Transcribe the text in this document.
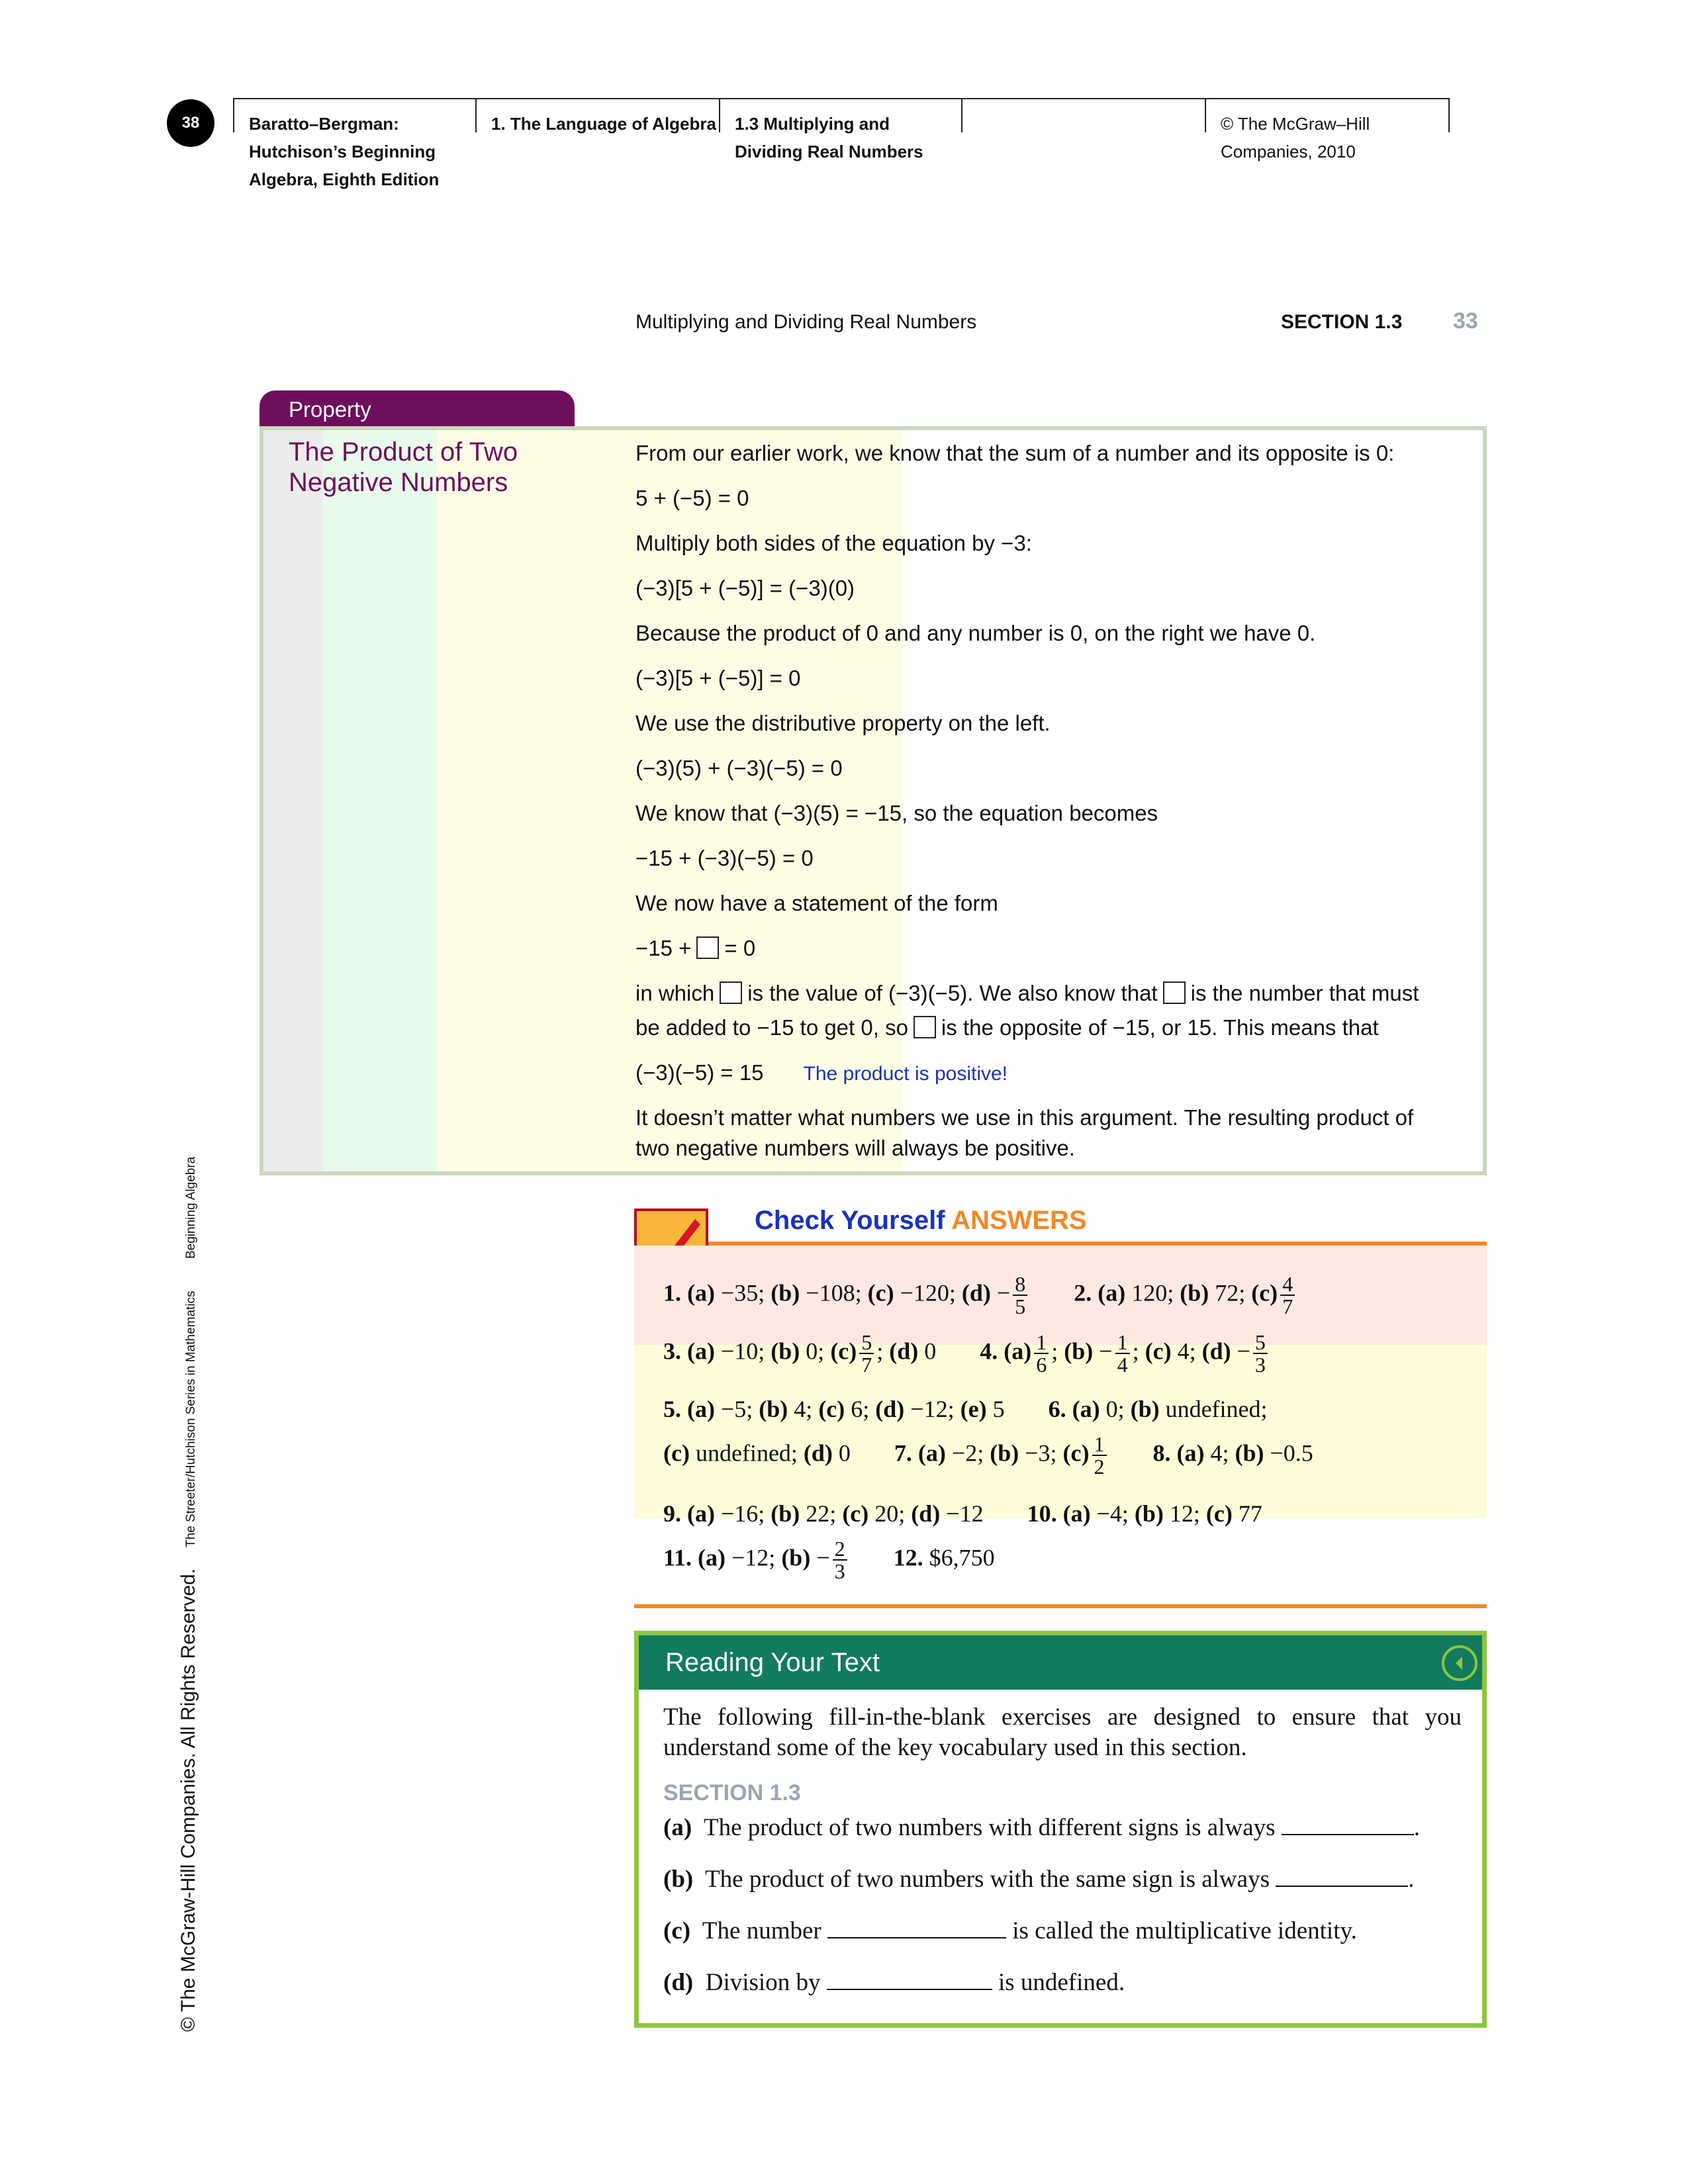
38	Baratto–Bergman:
Hutchison’s Beginning
Algebra, Eighth Edition
1. The Language of Algebra 1.3 Multiplying and
Dividing Real Numbers
© The McGraw–Hill
Companies, 2010
© The McGraw-Hill Companies. All Rights Reserved.
The Streeter/Hutchison Series in Mathematics
Beginning Algebra
Multiplying and Dividing Real Numbers	SECTION 1.3 33
Property
The Product of Two
Negative Numbers
From our earlier work, we know that the sum of a number and its opposite is 0:
5 + (−5) = 0
Multiply both sides of the equation by −3:
(−3)[5 + (−5)] = (−3)(0)
Because the product of 0 and any number is 0, on the right we have 0.
(−3)[5 + (−5)] = 0
We use the distributive property on the left.
(−3)(5) + (−3)(−5) = 0
We know that (−3)(5) = −15, so the equation becomes
−15 + (−3)(−5) = 0
We now have a statement of the form
−15 + = 0
in which is the value of (−3)(−5). We also know that is the number that must
be added to −15 to get 0, so is the opposite of −15, or 15. This means that
(−3)(−5) = 15 The product is positive!
It doesn’t matter what numbers we use in this argument. The resulting product of
two negative numbers will always be positive.
Check Yourself ANSWERS
1. (a) −35; (b) −108; (c) −120; $(d) - \frac{8}{5} 2$. (a) 120; (b) 72; $(c) \frac{4}{7}$
3. (a) −10; (b) 0; $(c) \frac{5}{7}$ ; (d) 0 4. $(a) \frac{1}{6}$ ; $(b) - \frac{1}{4}$ ; (c) 4; $(d) - \frac{5}{3}$
5. (a) −5; (b) 4; (c) 6; (d) −12; (e) 5 6. (a) 0; (b) undefined;
(c) undefined; (d) 0 7. (a) −2; (b) −3; $(c) \frac{1}{2} 8$. (a) 4; (b) −0.5
9. (a) −16; (b) 22; (c) 20; (d) −12 10. (a) −4; (b) 12; (c) 77
11. (a) −12; $(b) - \frac{2}{3} 12$. $6,750
Reading Your Text
The following fill-in-the-blank exercises are designed to ensure that you understand some of the key vocabulary used in this section.
SECTION 1.3
(a) The product of two numbers with different signs is always	.
(b) The product of two numbers with the same sign is always	.
(c) The number	is called the multiplicative identity.
(d) Division by	is undefined.
